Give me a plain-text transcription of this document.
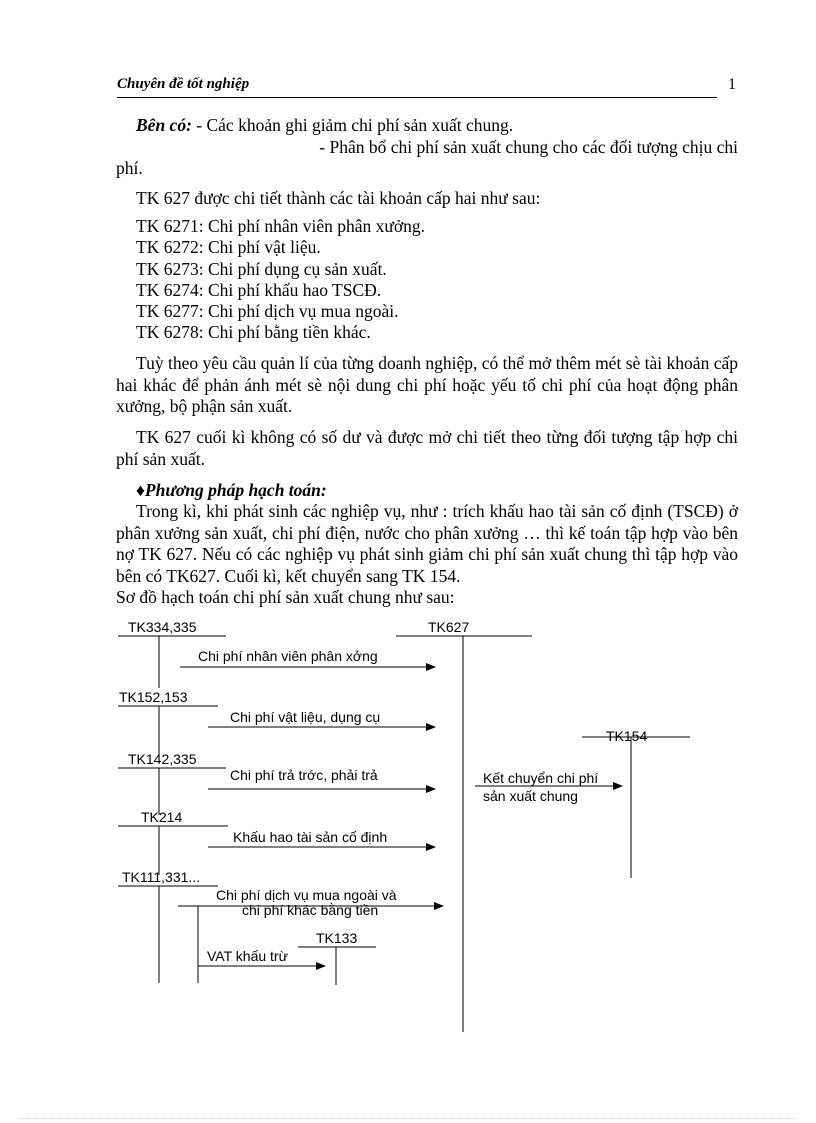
Chuyên đề tốt nghiệp	1

Bên có: - Các khoản ghi giảm chi phí sản xuất chung.

- Phân bổ chi phí sản xuất chung cho các đối tượng chịu chi

phí.

TK 627 được chi tiết thành các tài khoản cấp hai như sau:

TK 6271: Chi phí nhân viên phân xưởng.

TK 6272: Chi phí vật liệu.

TK 6273: Chi phí dụng cụ sản xuất.

TK 6274: Chi phí khấu hao TSCĐ.

TK 6277: Chi phí dịch vụ mua ngoài.

TK 6278: Chi phí bằng tiền khác.

Tuỳ theo yêu cầu quản lí của từng doanh nghiệp, có thể mở thêm mét sè tài khoản cấp hai khác để phản ánh mét sè nội dung chi phí hoặc yếu tố chi phí của hoạt động phân xưởng, bộ phận sản xuất.

TK 627 cuối kì không có số dư và được mở chi tiết theo từng đối tượng tập hợp chi phí sản xuất.

♦Phương pháp hạch toán:

Trong kì, khi phát sinh các nghiệp vụ, như : trích khấu hao tài sản cố định (TSCĐ) ở phân xưởng sản xuất, chi phí điện, nước cho phân xưởng … thì kế toán tập hợp vào bên nợ TK 627. Nếu có các nghiệp vụ phát sinh giảm chi phí sản xuất chung thì tập hợp vào bên có TK627. Cuối kì, kết chuyển sang TK 154.

Sơ đồ hạch toán chi phí sản xuất chung như sau:

TK334,335	TK627
Chi phí nhân viên phân xởng
TK152,153
Chi phí vật liệu, dụng cụ
TK154
TK142,335
Chi phí trả trớc, phải trả	Kết chuyển chi phí
sản xuất chung
TK214
Khấu hao tài sản cố định
TK111,331...
Chi phí dịch vụ mua ngoài và
chi phí khác bằng tiền
TK133
VAT khấu trừ
